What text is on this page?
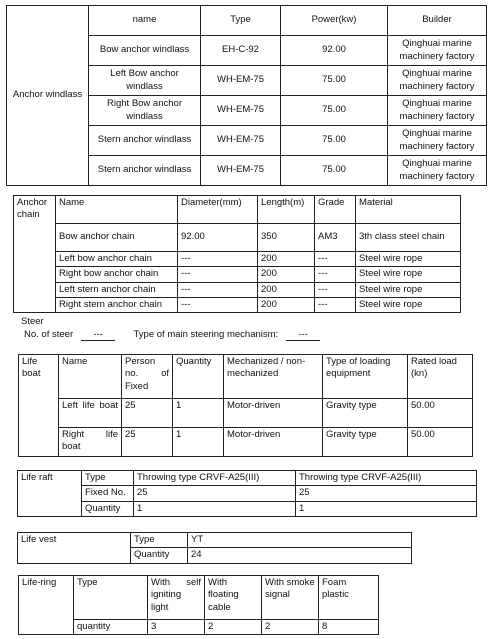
Anchor windlass	name	Type	Power(kw)	Builder
	Bow anchor windlass	EH-C-92	92.00	Qinghuai marine machinery factory
	Left Bow anchor windlass	WH-EM-75	75.00	Qinghuai marine machinery factory
	Right Bow anchor windlass	WH-EM-75	75.00	Qinghuai marine machinery factory
	Stern anchor windlass	WH-EM-75	75.00	Qinghuai marine machinery factory
	Stern anchor windlass	WH-EM-75	75.00	Qinghuai marine machinery factory
Anchor chain	Name	Diameter(mm)	Length(m)	Grade	Material
	Bow anchor chain	92.00	350	AM3	3th class steel chain
	Left bow anchor chain	---	200	---	Steel wire rope
	Right bow anchor chain	---	200	---	Steel wire rope
	Left stern anchor chain	---	200	---	Steel wire rope
	Right stern anchor chain	---	200	---	Steel wire rope
Steer
No. of steer ---	Type of main steering mechanism: ---
Life boat	Name	Person no. of Fixed	Quantity	Mechanized / non-mechanized	Type of loading equipment	Rated load (kn)
	Left life boat	25	1	Motor-driven	Gravity type	50.00
	Right life boat	25	1	Motor-driven	Gravity type	50.00
Life raft	Type	Throwing type CRVF-A25(III)	Throwing type CRVF-A25(III)
	Fixed No.	25	25
	Quantity	1	1
Life vest	Type	YT
	Quantity	24
Life-ring	Type	With self igniting light	With floating cable	With smoke signal	Foam plastic
	quantity	3	2	2	8
